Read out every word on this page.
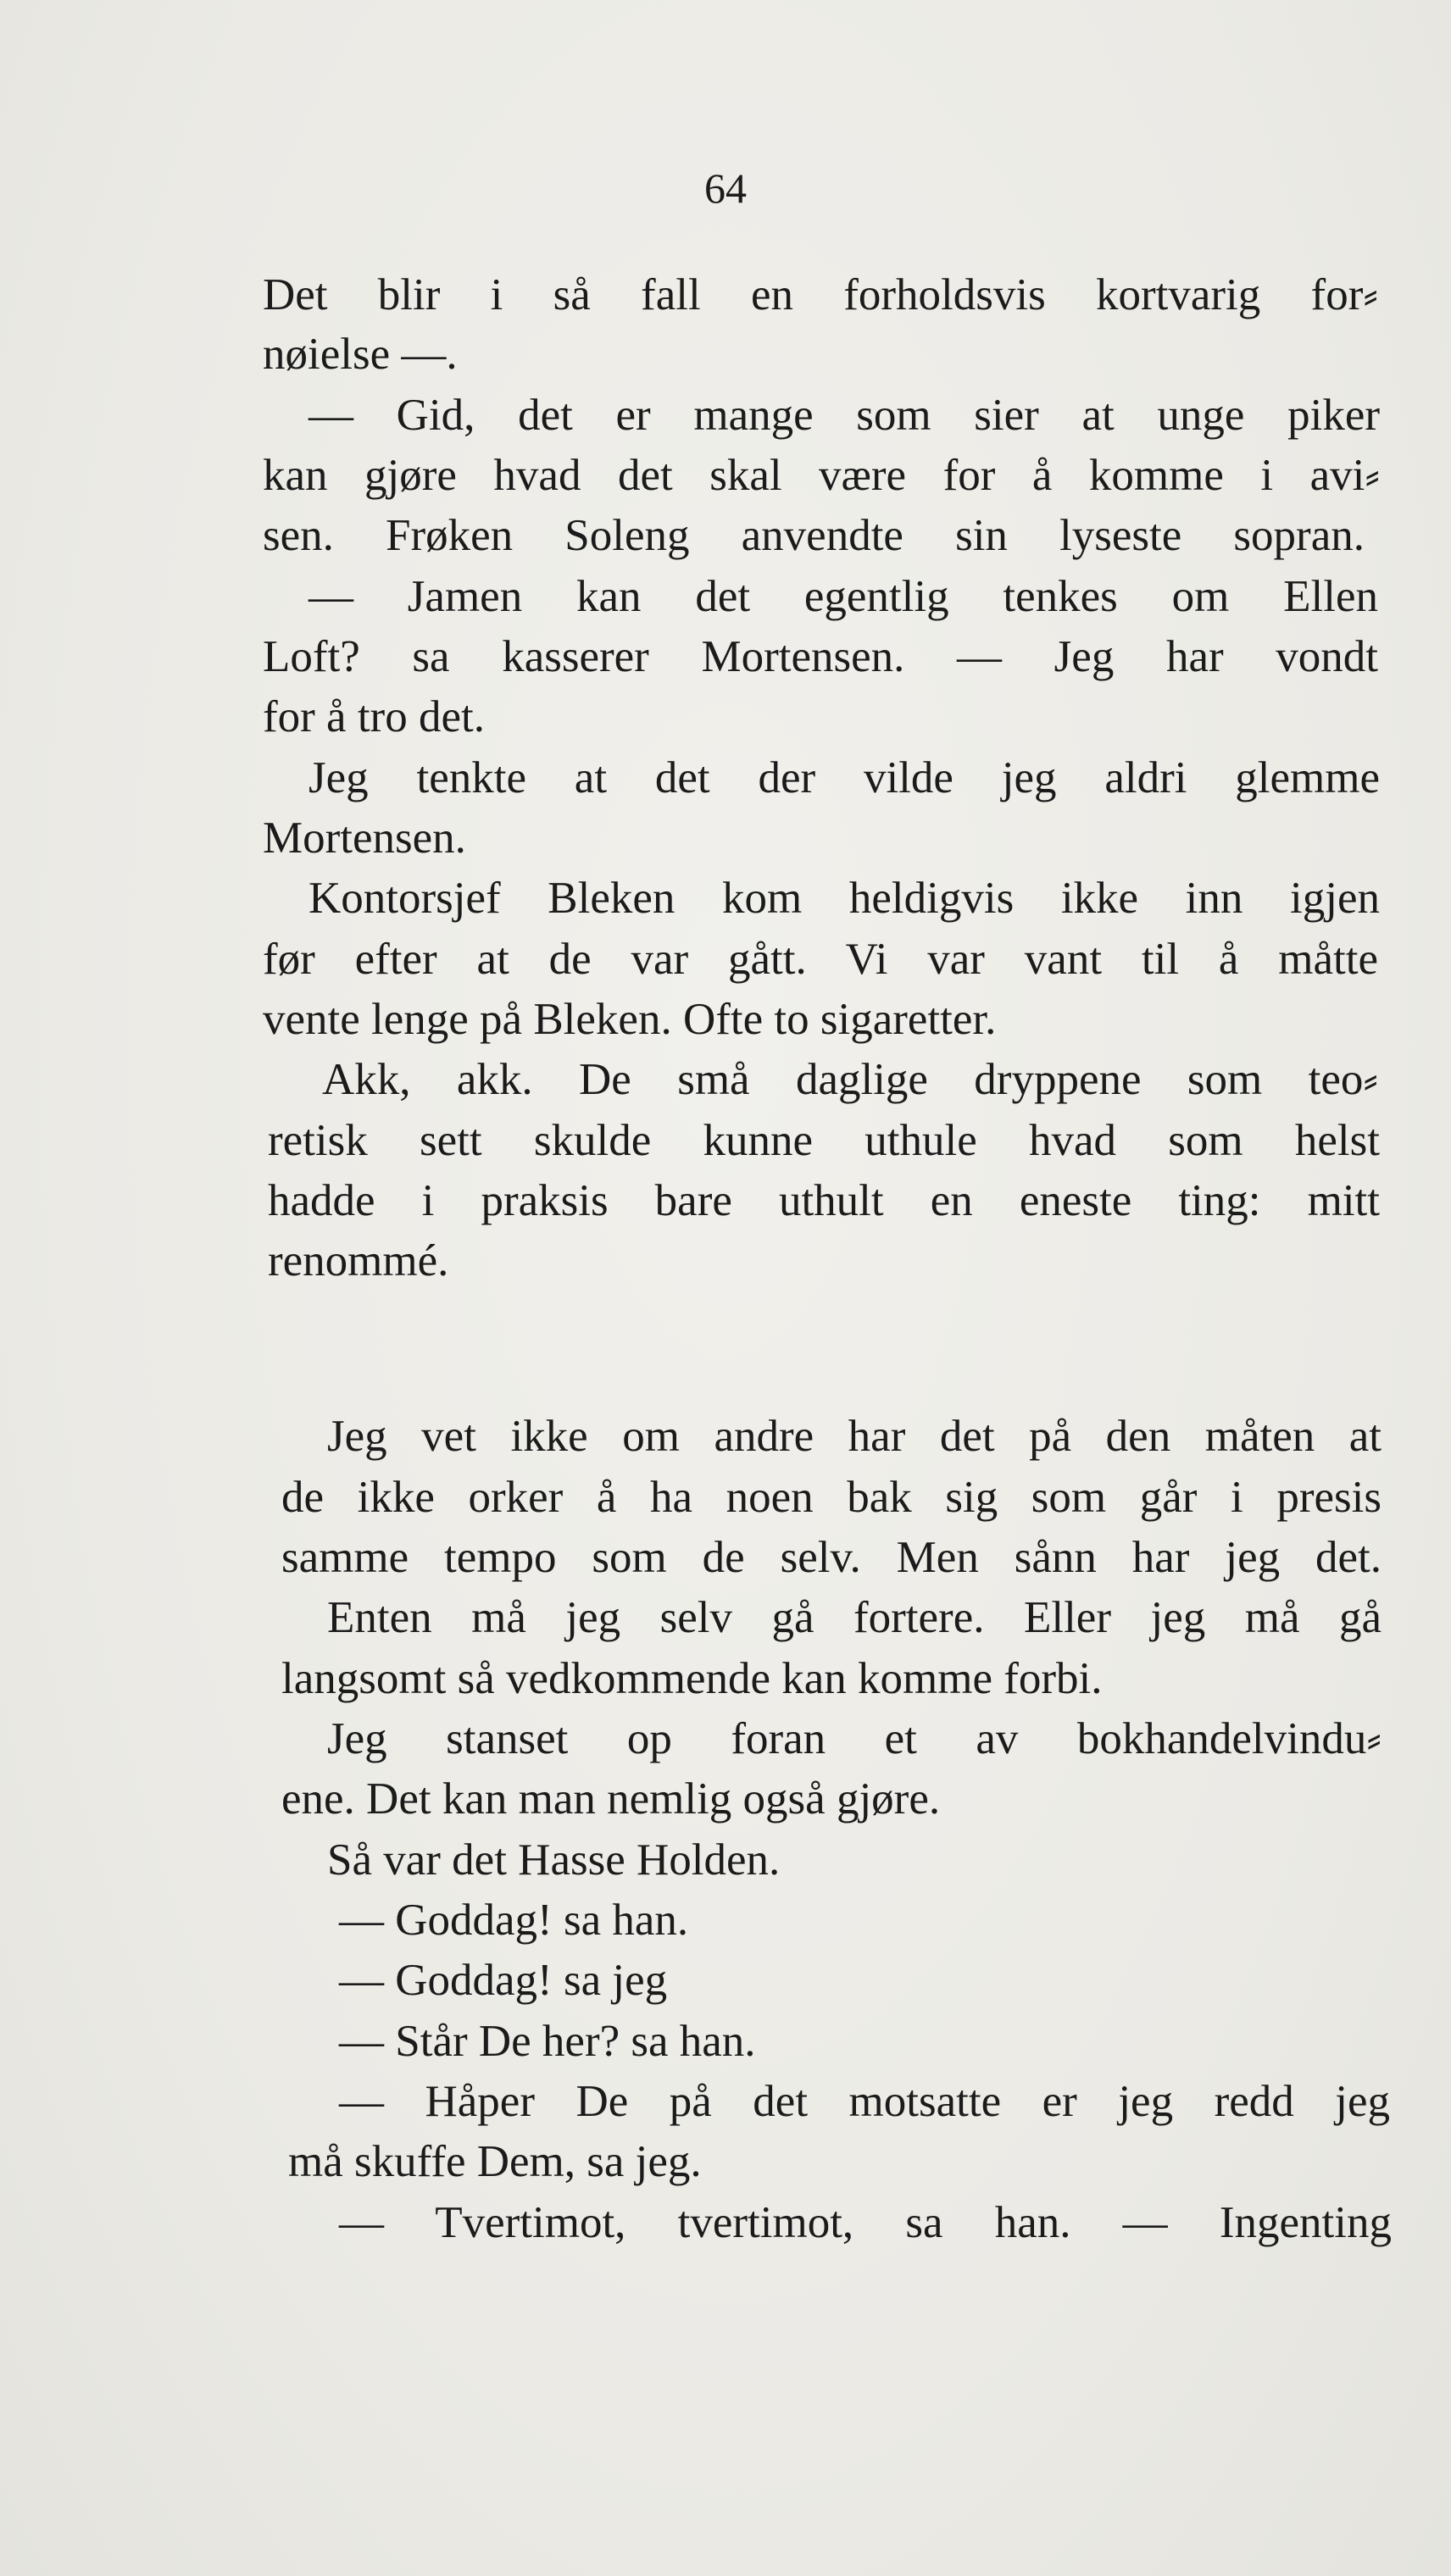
64

Det blir i så fall en forholdsvis kortvarig for⸗

nøielse —.

— Gid, det er mange som sier at unge piker

kan gjøre hvad det skal være for å komme i avi⸗

sen. Frøken Soleng anvendte sin lyseste sopran.

— Jamen kan det egentlig tenkes om Ellen

Loft? sa kasserer Mortensen. — Jeg har vondt

for å tro det.

Jeg tenkte at det der vilde jeg aldri glemme

Mortensen.

Kontorsjef Bleken kom heldigvis ikke inn igjen

før efter at de var gått. Vi var vant til å måtte

vente lenge på Bleken. Ofte to sigaretter.

Akk, akk. De små daglige dryppene som teo⸗

retisk sett skulde kunne uthule hvad som helst

hadde i praksis bare uthult en eneste ting: mitt

renommé.

Jeg vet ikke om andre har det på den måten at

de ikke orker å ha noen bak sig som går i presis

samme tempo som de selv. Men sånn har jeg det.

Enten må jeg selv gå fortere. Eller jeg må gå

langsomt så vedkommende kan komme forbi.

Jeg stanset op foran et av bokhandelvindu⸗

ene. Det kan man nemlig også gjøre.

Så var det Hasse Holden.

— Goddag! sa han.

— Goddag! sa jeg

— Står De her? sa han.

— Håper De på det motsatte er jeg redd jeg

må skuffe Dem, sa jeg.

— Tvertimot, tvertimot, sa han. — Ingenting
